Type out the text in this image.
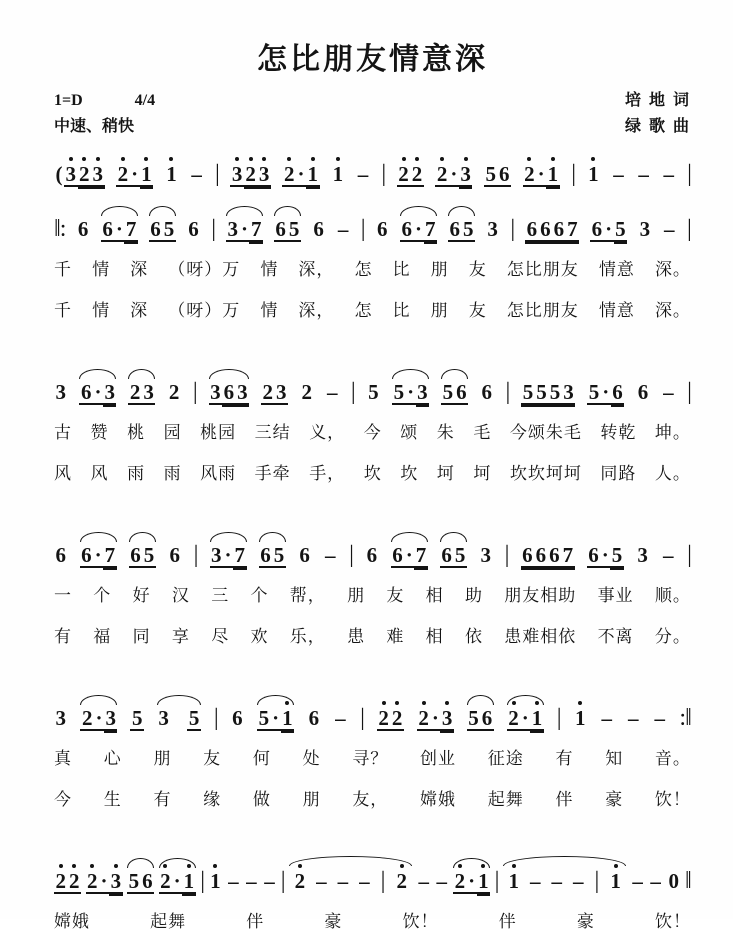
怎比朋友情意深
1=D	4/4
中速、稍快
培 地 词
绿 歌 曲
( 3 2 3 2 · 1 1 – | 3 2 3 2 · 1 1 – | 2 2 2 · 3 5 6 2 · 1 | 1 – – – |
‖: 6 6 · 7 6 5 6 | 3 · 7 6 5 6 – | 6 6 · 7 6 5 3 | 6 6 6 7 6 · 5 3 – |
千 情 深 （呀）万 情 深， 怎 比 朋 友 怎比朋友 情意 深。
千 情 深 （呀）万 情 深， 怎 比 朋 友 怎比朋友 情意 深。
3 6 · 3 2 3 2 | 3 6 3 2 3 2 – | 5 5 · 3 5 6 6 | 5 5 5 3 5 · 6 6 – |
古 赞 桃 园 桃园 三结 义， 今 颂 朱 毛 今颂朱毛 转乾 坤。
风 风 雨 雨 风雨 手牵 手， 坎 坎 坷 坷 坎坎坷坷 同路 人。
6 6 · 7 6 5 6 | 3 · 7 6 5 6 – | 6 6 · 7 6 5 3 | 6 6 6 7 6 · 5 3 – |
一 个 好 汉 三 个 帮， 朋 友 相 助 朋友相助 事业 顺。
有 福 同 享 尽 欢 乐， 患 难 相 依 患难相依 不离 分。
3 2 · 3 5 3 5 | 6 5 · 1 6 – | 2 2 2 · 3 5 6 2 · 1 | 1 – – – :‖
真 心 朋 友 何 处 寻？ 创业 征途 有 知 音。
今 生 有 缘 做 朋 友， 嫦娥 起舞 伴 豪 饮！
2 2 2 · 3 5 6 2 · 1 | 1 – – – | 2 – – – | 2 – – 2 · 1 | 1 – – – | 1 – – 0 ‖
嫦娥	起舞	伴	豪	饮！	伴	豪	饮！
